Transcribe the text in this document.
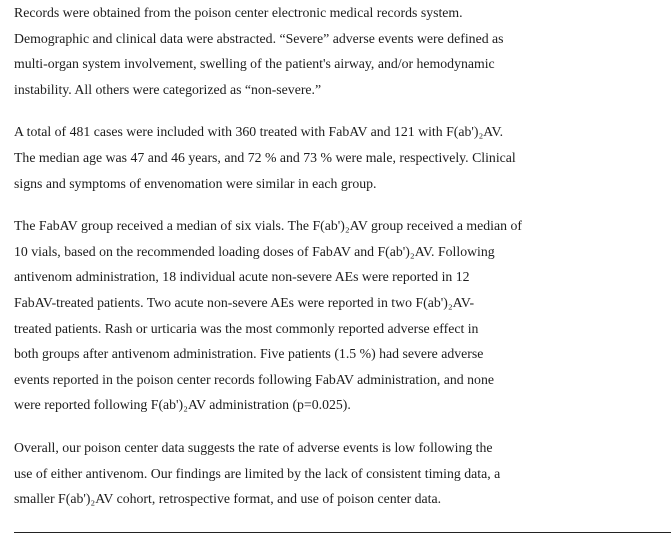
Records were obtained from the poison center electronic medical records system.
Demographic and clinical data were abstracted. “Severe” adverse events were defined as
multi-organ system involvement, swelling of the patient's airway, and/or hemodynamic
instability. All others were categorized as “non-severe.”

A total of 481 cases were included with 360 treated with FabAV and 121 with F(ab')₂AV.
The median age was 47 and 46 years, and 72 % and 73 % were male, respectively. Clinical
signs and symptoms of envenomation were similar in each group.

The FabAV group received a median of six vials. The F(ab')₂AV group received a median of
10 vials, based on the recommended loading doses of FabAV and F(ab')₂AV. Following
antivenom administration, 18 individual acute non-severe AEs were reported in 12
FabAV-treated patients. Two acute non-severe AEs were reported in two F(ab')₂AV-
treated patients. Rash or urticaria was the most commonly reported adverse effect in
both groups after antivenom administration. Five patients (1.5 %) had severe adverse
events reported in the poison center records following FabAV administration, and none
were reported following F(ab')₂AV administration (p=0.025).

Overall, our poison center data suggests the rate of adverse events is low following the
use of either antivenom. Our findings are limited by the lack of consistent timing data, a
smaller F(ab')₂AV cohort, retrospective format, and use of poison center data.
